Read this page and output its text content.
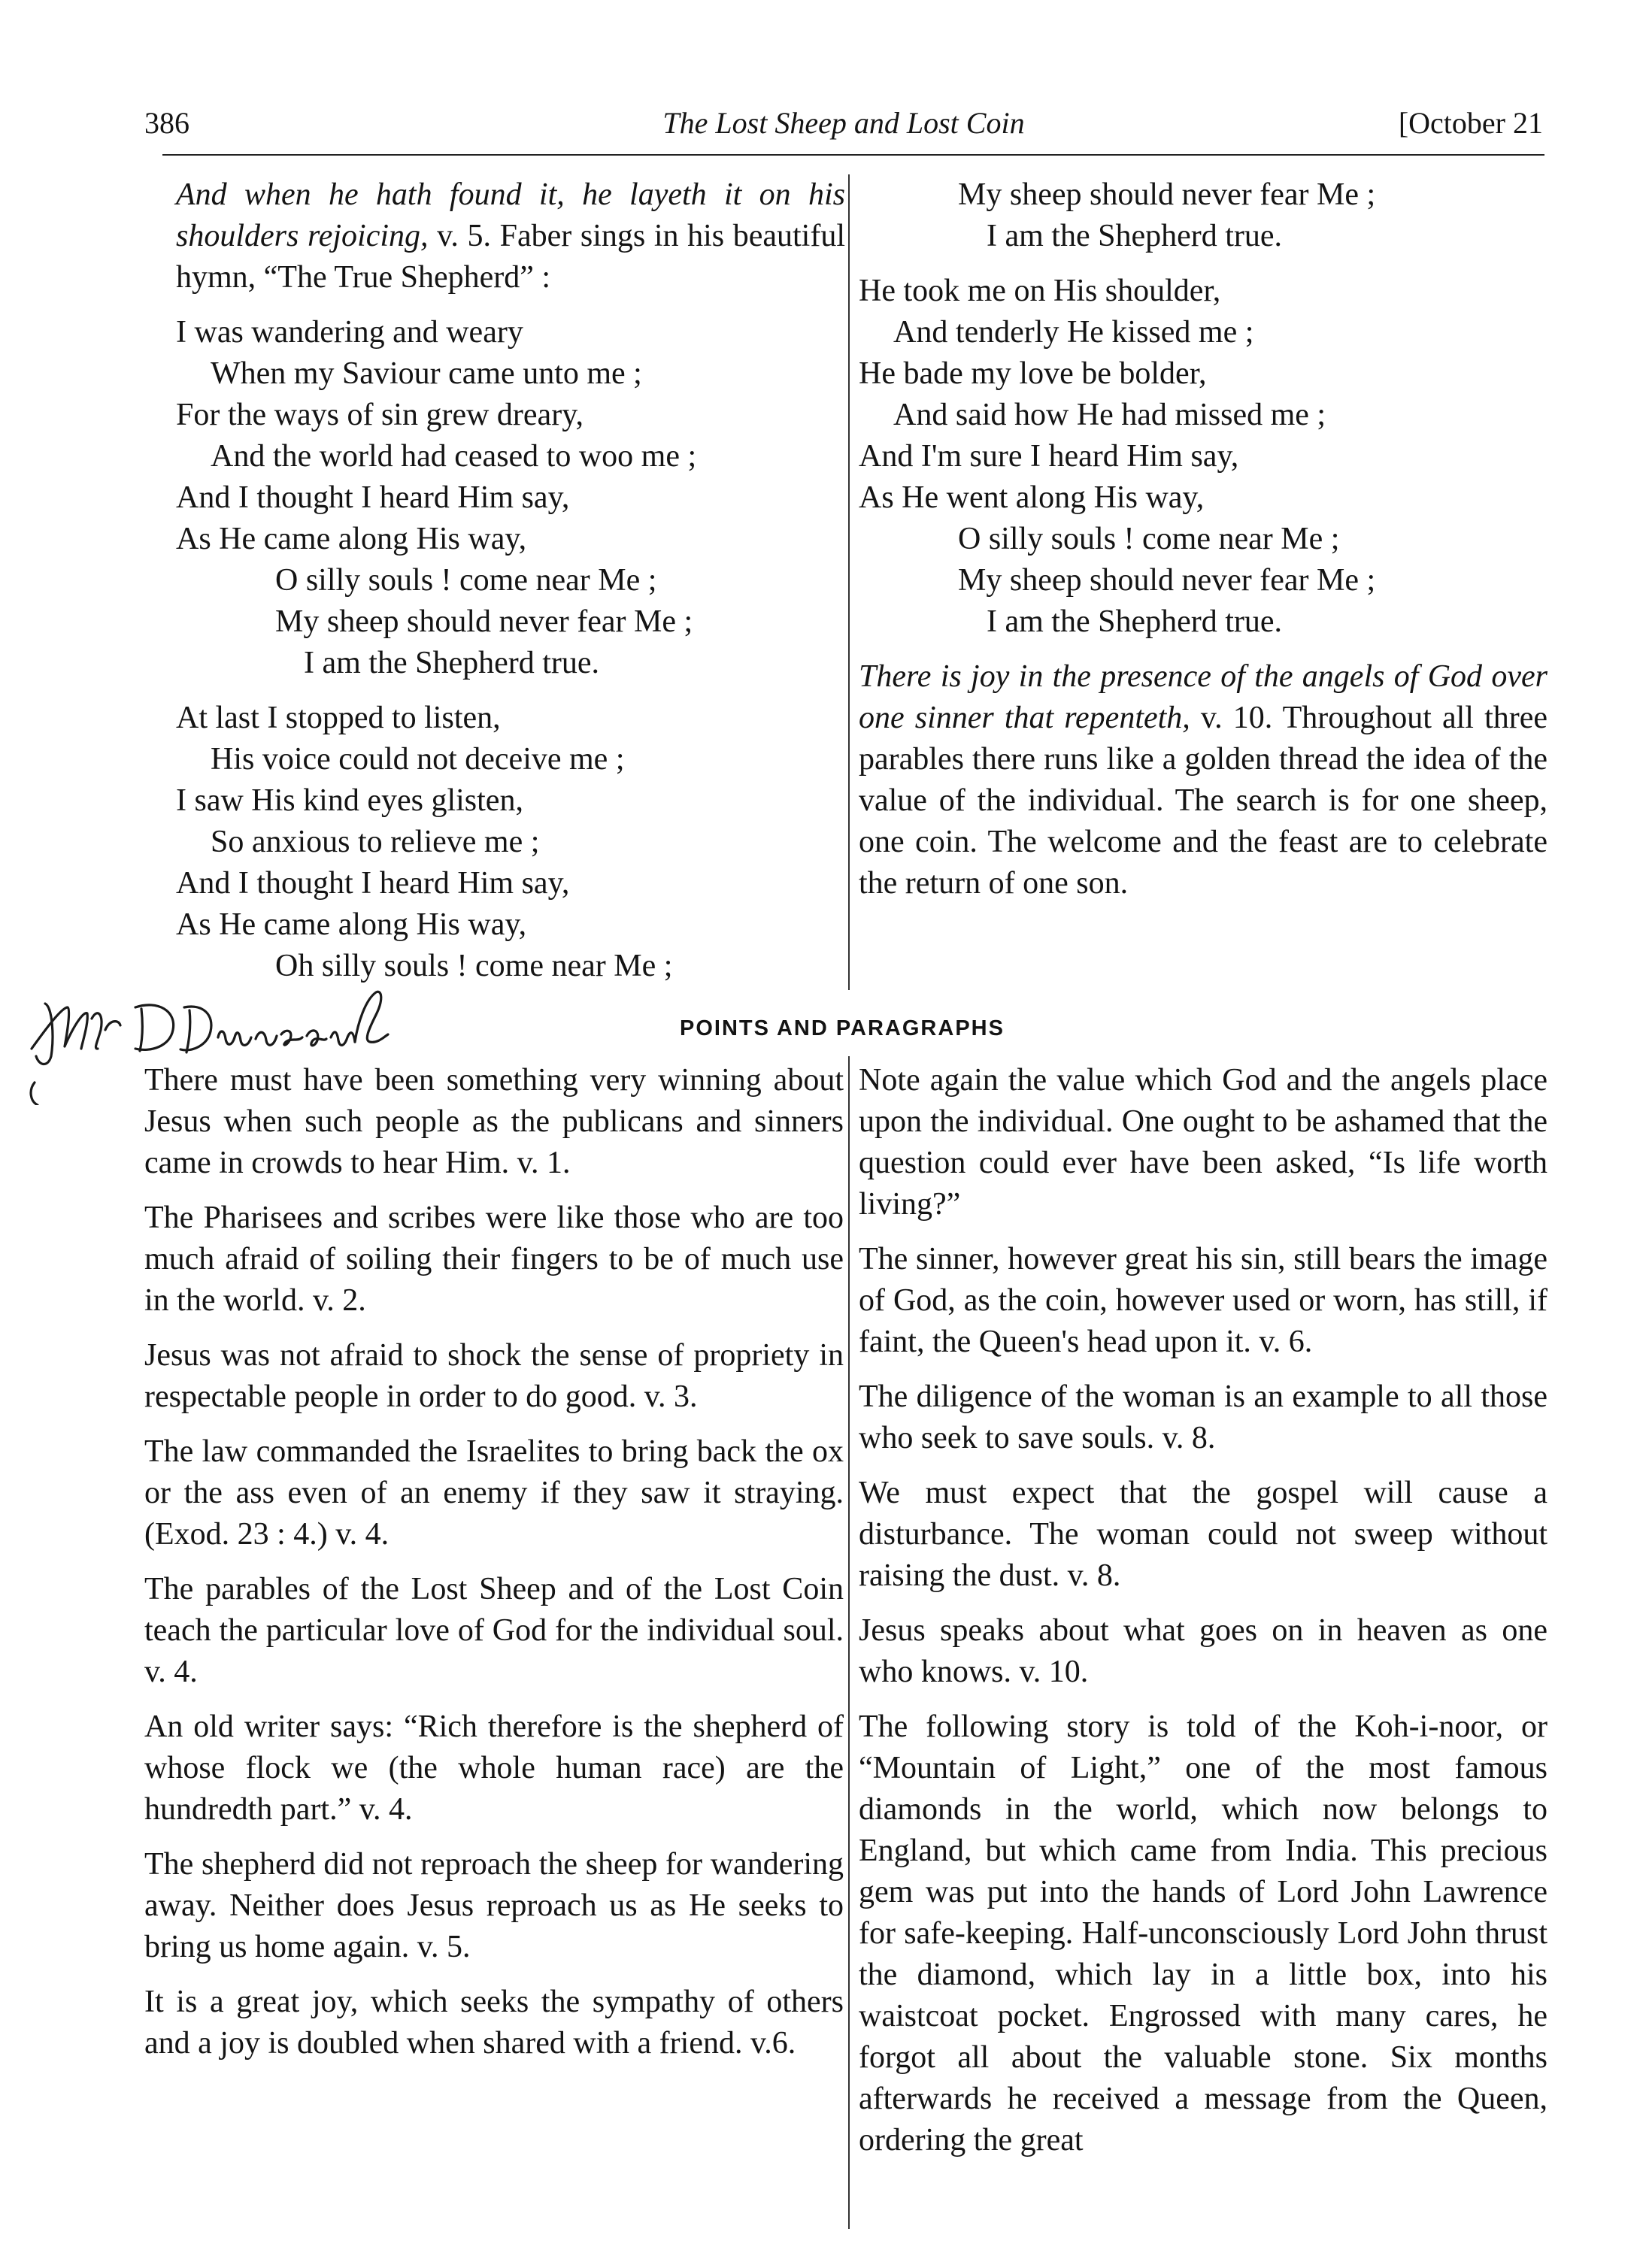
386	The Lost Sheep and Lost Coin	[October 21

And when he hath found it, he layeth it on his shoulders rejoicing, v. 5. Faber sings in his beautiful hymn, “The True Shepherd” :

I was wandering and weary
When my Saviour came unto me ;
For the ways of sin grew dreary,
And the world had ceased to woo me ;
And I thought I heard Him say,
As He came along His way,
O silly souls ! come near Me ;
My sheep should never fear Me ;
I am the Shepherd true.
At last I stopped to listen,
His voice could not deceive me ;
I saw His kind eyes glisten,
So anxious to relieve me ;
And I thought I heard Him say,
As He came along His way,
Oh silly souls ! come near Me ;
My sheep should never fear Me ;
I am the Shepherd true.
He took me on His shoulder,
And tenderly He kissed me ;
He bade my love be bolder,
And said how He had missed me ;
And I'm sure I heard Him say,
As He went along His way,
O silly souls ! come near Me ;
My sheep should never fear Me ;
I am the Shepherd true.

There is joy in the presence of the angels of God over one sinner that repenteth, v. 10. Throughout all three parables there runs like a golden thread the idea of the value of the individual. The search is for one sheep, one coin. The welcome and the feast are to celebrate the return of one son.

POINTS AND PARAGRAPHS

There must have been something very winning about Jesus when such people as the publicans and sinners came in crowds to hear Him. v. 1.

The Pharisees and scribes were like those who are too much afraid of soiling their fingers to be of much use in the world. v. 2.

Jesus was not afraid to shock the sense of propriety in respectable people in order to do good. v. 3.

The law commanded the Israelites to bring back the ox or the ass even of an enemy if they saw it straying. (Exod. 23 : 4.) v. 4.

The parables of the Lost Sheep and of the Lost Coin teach the particular love of God for the individual soul. v. 4.

An old writer says: “Rich therefore is the shepherd of whose flock we (the whole human race) are the hundredth part.” v. 4.

The shepherd did not reproach the sheep for wandering away. Neither does Jesus reproach us as He seeks to bring us home again. v. 5.

It is a great joy, which seeks the sympathy of others and a joy is doubled when shared with a friend. v.6.

Note again the value which God and the angels place upon the individual. One ought to be ashamed that the question could ever have been asked, “Is life worth living?”

The sinner, however great his sin, still bears the image of God, as the coin, however used or worn, has still, if faint, the Queen's head upon it. v. 6.

The diligence of the woman is an example to all those who seek to save souls. v. 8.

We must expect that the gospel will cause a disturbance. The woman could not sweep without raising the dust. v. 8.

Jesus speaks about what goes on in heaven as one who knows. v. 10.

The following story is told of the Koh-i-noor, or “Mountain of Light,” one of the most famous diamonds in the world, which now belongs to England, but which came from India. This precious gem was put into the hands of Lord John Lawrence for safe-keeping. Half-unconsciously Lord John thrust the diamond, which lay in a little box, into his waistcoat pocket. Engrossed with many cares, he forgot all about the valuable stone. Six months afterwards he received a message from the Queen, ordering the great
